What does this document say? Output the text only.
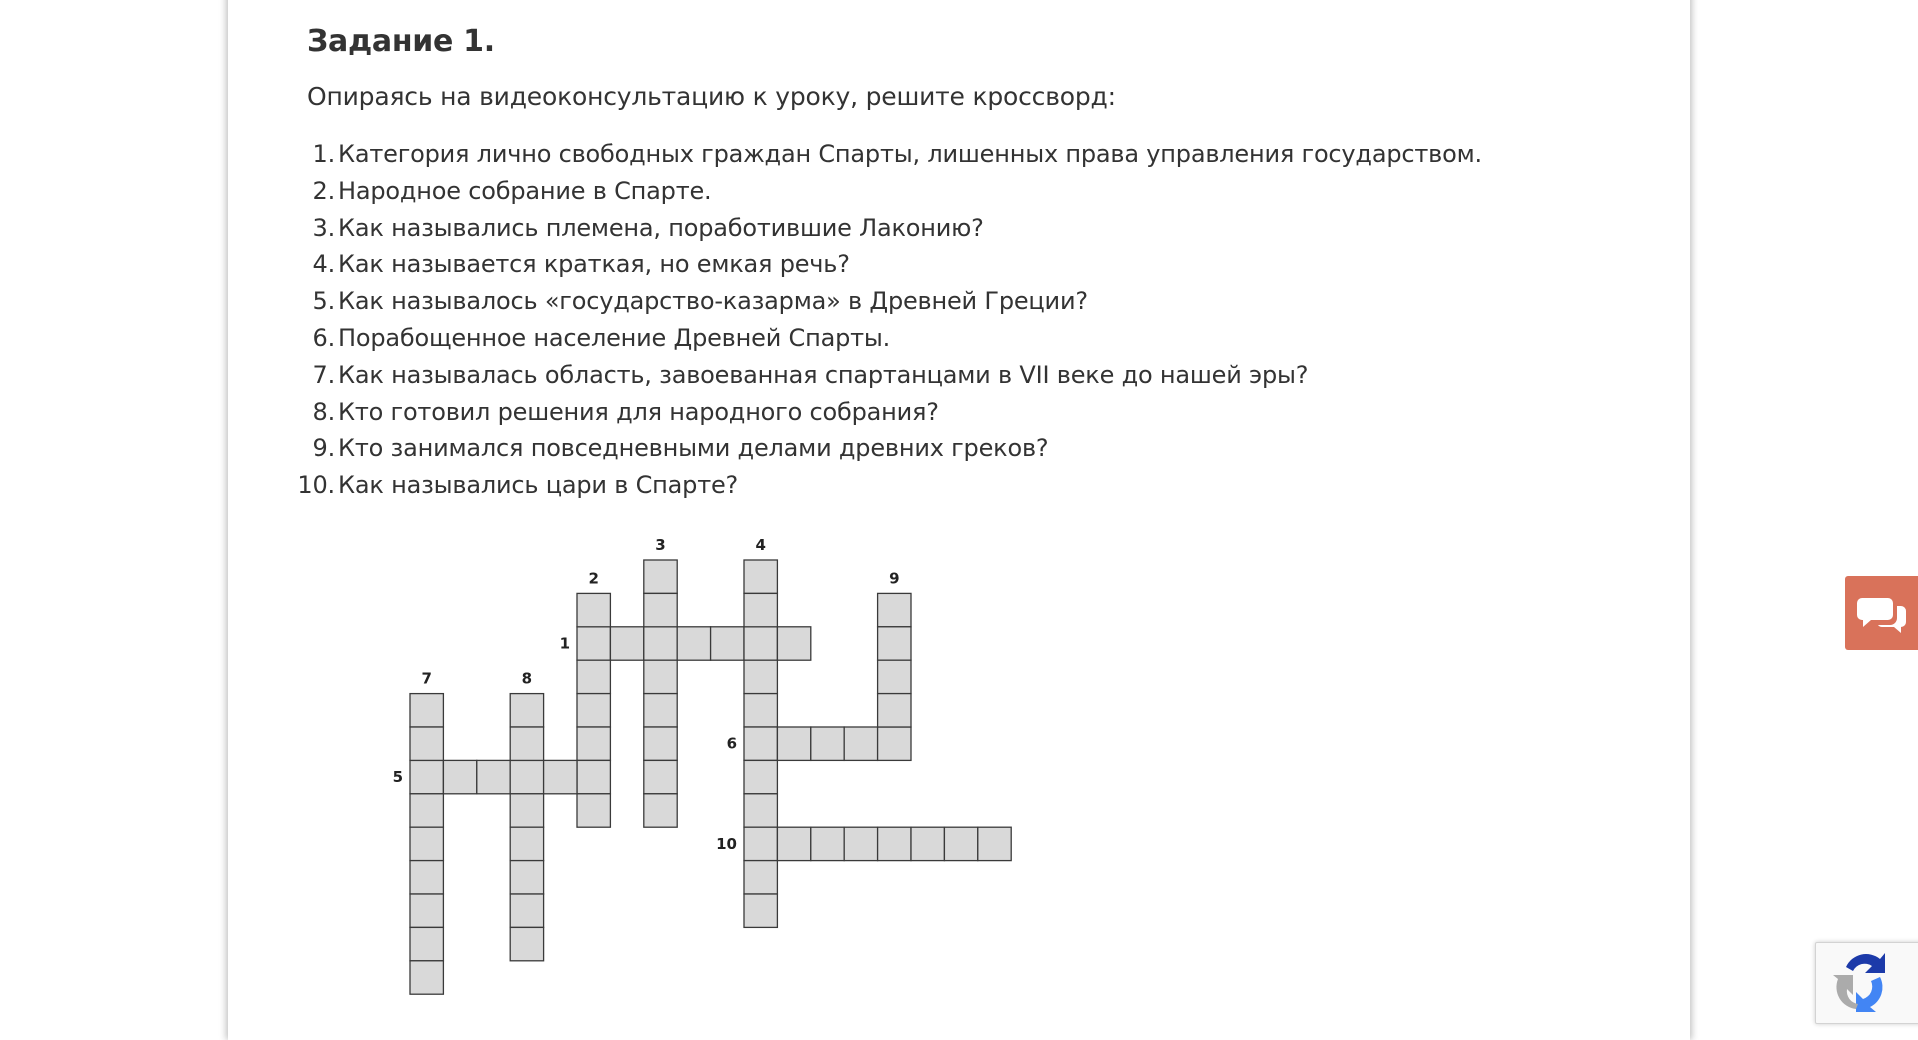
Задание 1.

Опираясь на видеоконсультацию к уроку, решите кроссворд:

1. Категория лично свободных граждан Спарты, лишенных права управления государством.
2. Народное собрание в Спарте.
3. Как назывались племена, поработившие Лаконию?
4. Как называется краткая, но емкая речь?
5. Как называлось «государство-казарма» в Древней Греции?
6. Порабощенное население Древней Спарты.
7. Как называлась область, завоеванная спартанцами в VII веке до нашей эры?
8. Кто готовил решения для народного собрания?
9. Кто занимался повседневными делами древних греков?
10. Как назывались цари в Спарте?
1
2
3	4
5
6
7	8
9
10
